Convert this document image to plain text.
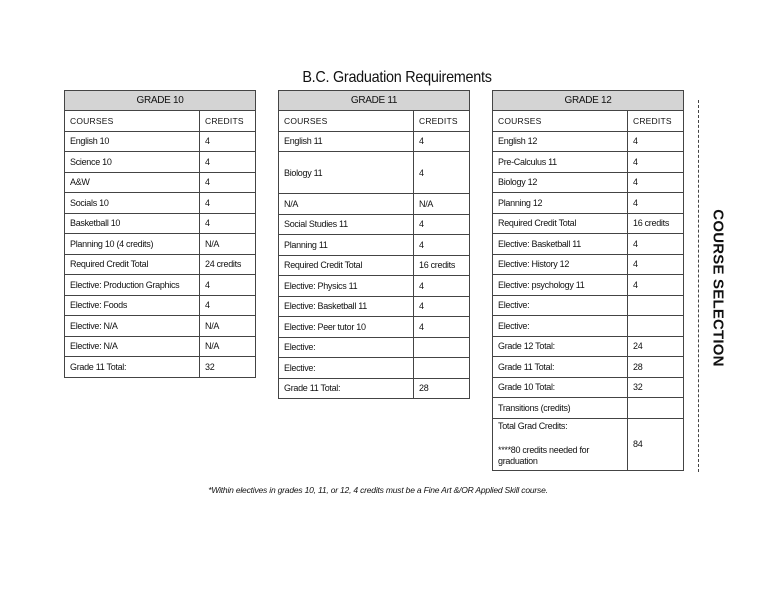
B.C. Graduation Requirements
GRADE 10	
COURSES	CREDITS
English 10	4
Science 10	4
A&W	4
Socials 10	4
Basketball 10	4
Planning 10 (4 credits)	N/A
Required Credit Total	24 credits
Elective: Production Graphics	4
Elective: Foods	4
Elective: N/A	N/A
Elective: N/A	N/A
Grade 11 Total:	32
GRADE 11	
COURSES	CREDITS
English 11	4
Biology 11	4
N/A	N/A
Social Studies 11	4
Planning 11	4
Required Credit Total	16 credits
Elective: Physics 11	4
Elective: Basketball 11	4
Elective: Peer tutor 10	4
Elective:	
Elective:	
Grade 11 Total:	28
GRADE 12	
COURSES	CREDITS
English 12	4
Pre-Calculus 11	4
Biology 12	4
Planning 12	4
Required Credit Total	16 credits
Elective: Basketball 11	4
Elective: History 12	4
Elective: psychology 11	4
Elective:	
Elective:	
Grade 12 Total:	24
Grade 11 Total:	28
Grade 10 Total:	32
Transitions (credits)	

Total Grad Credits:
****80 credits needed for graduation	84
COURSE SELECTION
*Within electives in grades 10, 11, or 12, 4 credits must be a Fine Art &/OR Applied Skill course.
